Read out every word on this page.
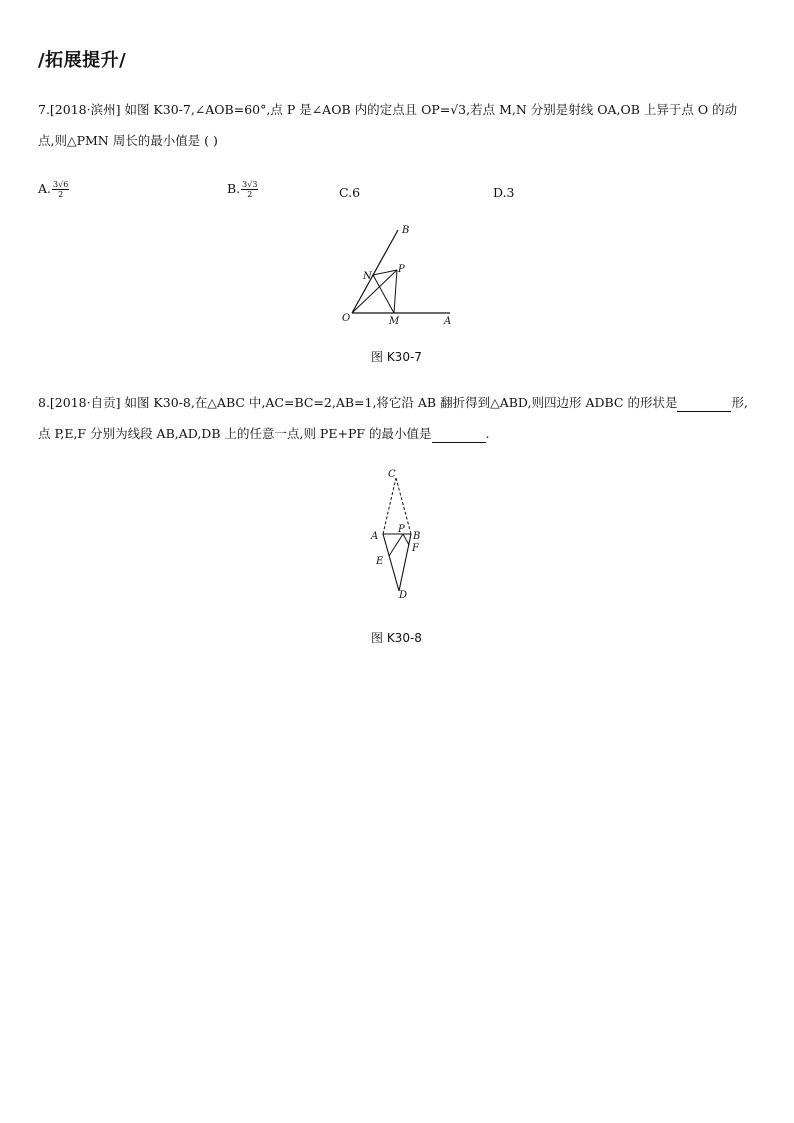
/拓展提升/
7.[2018·滨州] 如图 K30-7,∠AOB=60°,点 P 是∠AOB 内的定点且 OP=√3,若点 M,N 分别是射线 OA,OB 上异于点 O 的动
点,则△PMN 周长的最小值是 ( )
A. $\frac{3√6}{2}$	B. $\frac{3√3}{2}$	C.6	D.3
B
N
P
O	M	A
图 K30-7
8.[2018·自贡] 如图 K30-8,在△ABC 中,AC=BC=2,AB=1,将它沿 AB 翻折得到△ABD,则四边形 ADBC 的形状是	形,
点 P,E,F 分别为线段 AB,AD,DB 上的任意一点,则 PE+PF 的最小值是	.
C
A
P
B
E
F
D
图 K30-8
